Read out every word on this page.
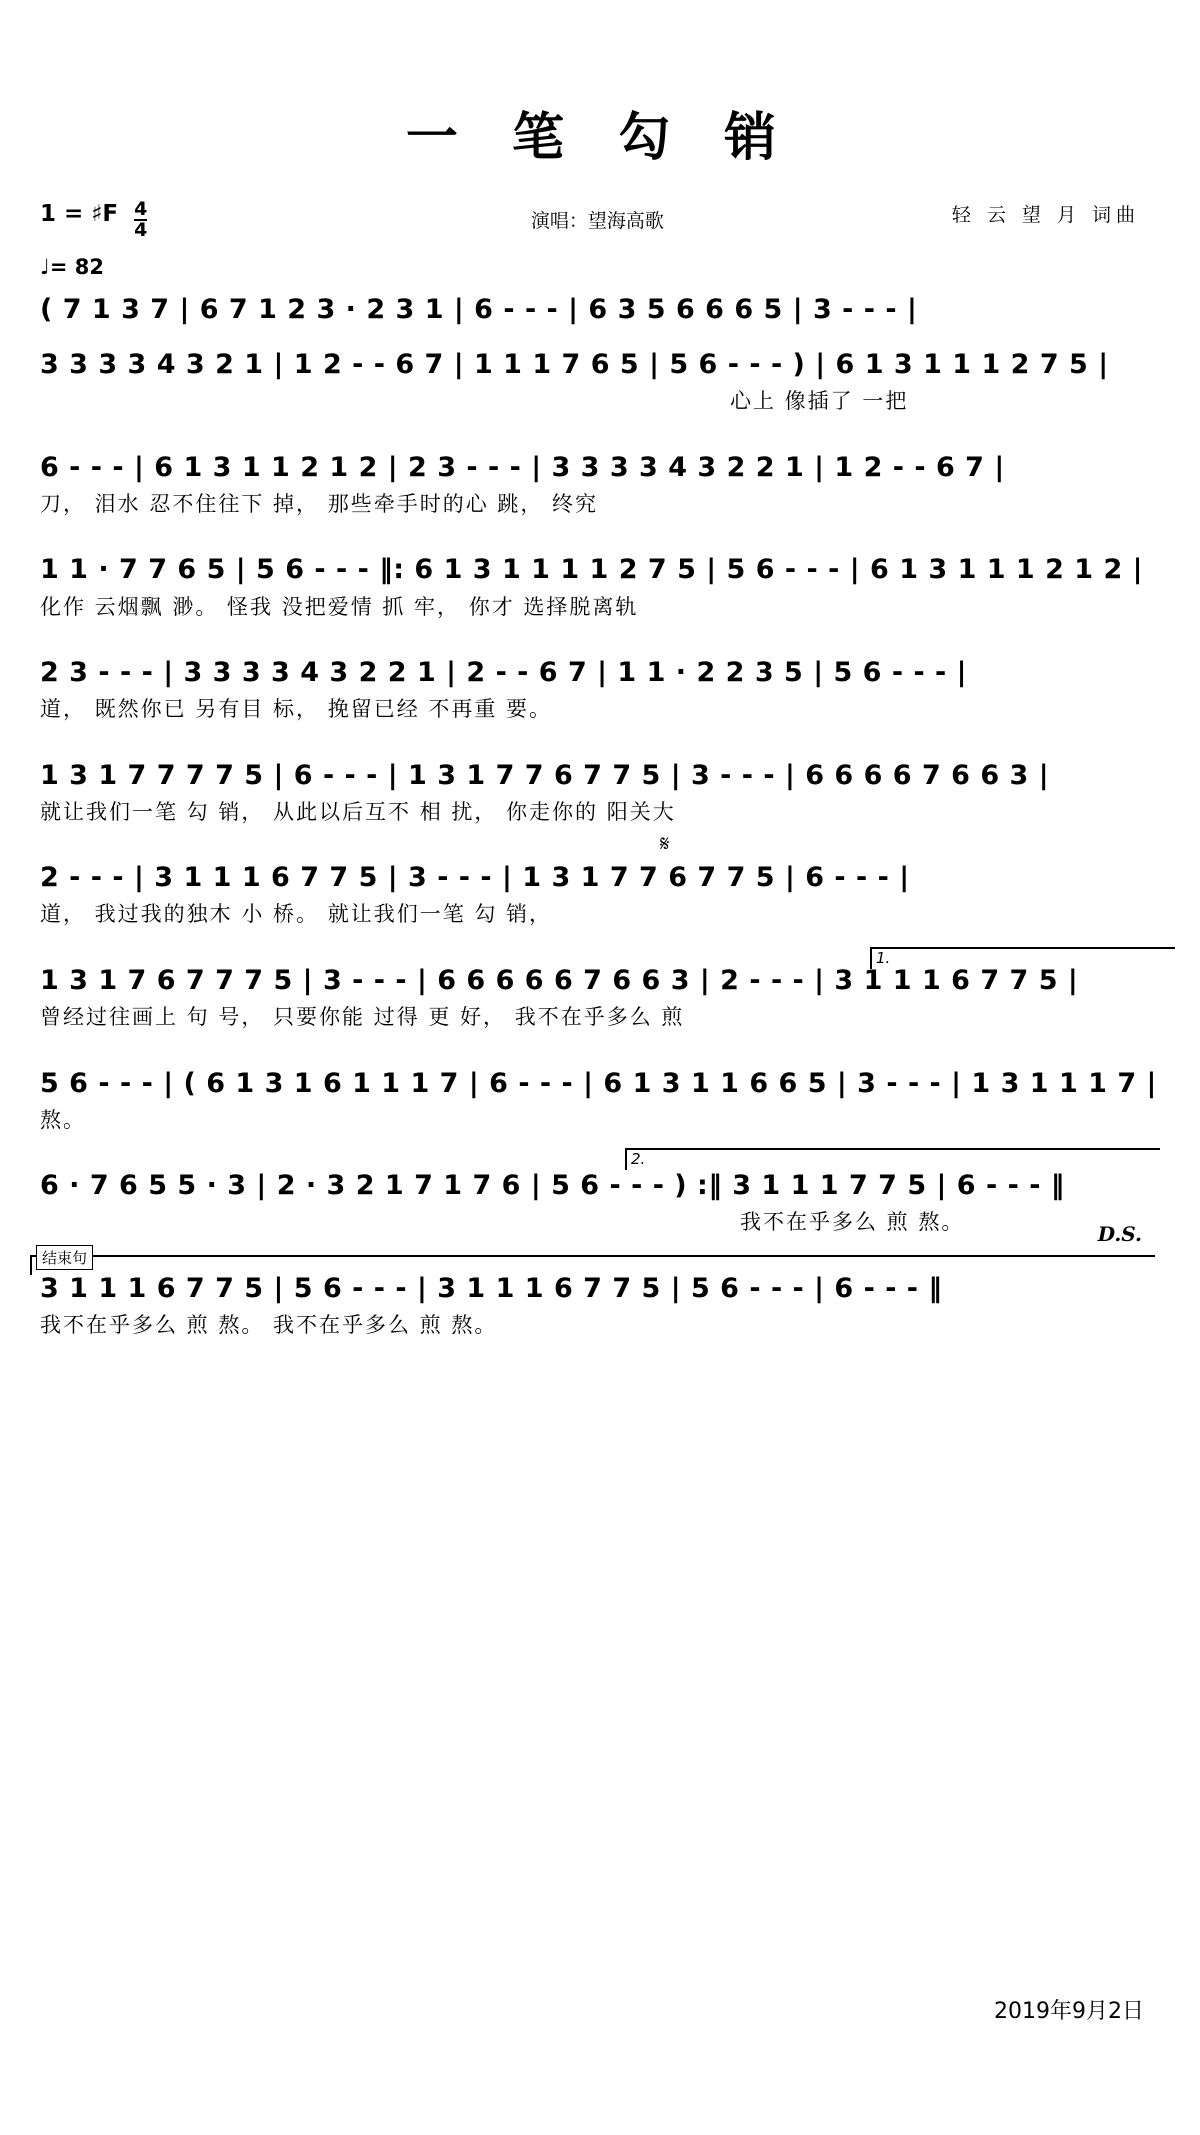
一 笔 勾 销
1 = ♯F $\frac{4}{4}$
♩= 82
演唱：望海高歌	轻 云 望 月 词曲
( 7 1 3 7 | 6 7 1 2 3 · 2 3 1 | 6 - - - | 6 3 5 6 6 6 5 | 3 - - - |
3 3 3 3 4 3 2 1 | 1 2 - - 6 7 | 1 1 1 7 6 5 | 5 6 - - - ) | 6 1 3 1 1 1 2 7 5 |
心上 像插了 一把
6 - - - | 6 1 3 1 1 2 1 2 | 2 3 - - - | 3 3 3 3 4 3 2 2 1 | 1 2 - - 6 7 |
刀， 泪水 忍不住往下 掉， 那些牵手时的心 跳， 终究
1 1 · 7 7 6 5 | 5 6 - - - ‖: 6 1 3 1 1 1 1 2 7 5 | 5 6 - - - | 6 1 3 1 1 1 2 1 2 |
化作 云烟飘 渺。 怪我 没把爱情 抓 牢， 你才 选择脱离轨
2 3 - - - | 3 3 3 3 4 3 2 2 1 | 2 - - 6 7 | 1 1 · 2 2 3 5 | 5 6 - - - |
道， 既然你已 另有目 标， 挽留已经 不再重 要。
1 3 1 7 7 7 7 5 | 6 - - - | 1 3 1 7 7 6 7 7 5 | 3 - - - | 6 6 6 6 7 6 6 3 |
就让我们一笔 勾 销， 从此以后互不 相 扰， 你走你的 阳关大
𝄋
2 - - - | 3 1 1 1 6 7 7 5 | 3 - - - | 1 3 1 7 7 6 7 7 5 | 6 - - - |
道， 我过我的独木 小 桥。 就让我们一笔 勾 销，
1.
1 3 1 7 6 7 7 7 5 | 3 - - - | 6 6 6 6 6 7 6 6 3 | 2 - - - | 3 1 1 1 6 7 7 5 |
曾经过往画上 句 号， 只要你能 过得 更 好， 我不在乎多么 煎
5 6 - - - | ( 6 1 3 1 6 1 1 1 7 | 6 - - - | 6 1 3 1 1 6 6 5 | 3 - - - | 1 3 1 1 1 7 |
熬。
2.
6 · 7 6 5 5 · 3 | 2 · 3 2 1 7 1 7 6 | 5 6 - - - ) :‖ 3 1 1 1 7 7 5 | 6 - - - ‖
我不在乎多么 煎 熬。	D.S.
结束句
3 1 1 1 6 7 7 5 | 5 6 - - - | 3 1 1 1 6 7 7 5 | 5 6 - - - | 6 - - - ‖
我不在乎多么 煎 熬。 我不在乎多么 煎 熬。
2019年9月2日
